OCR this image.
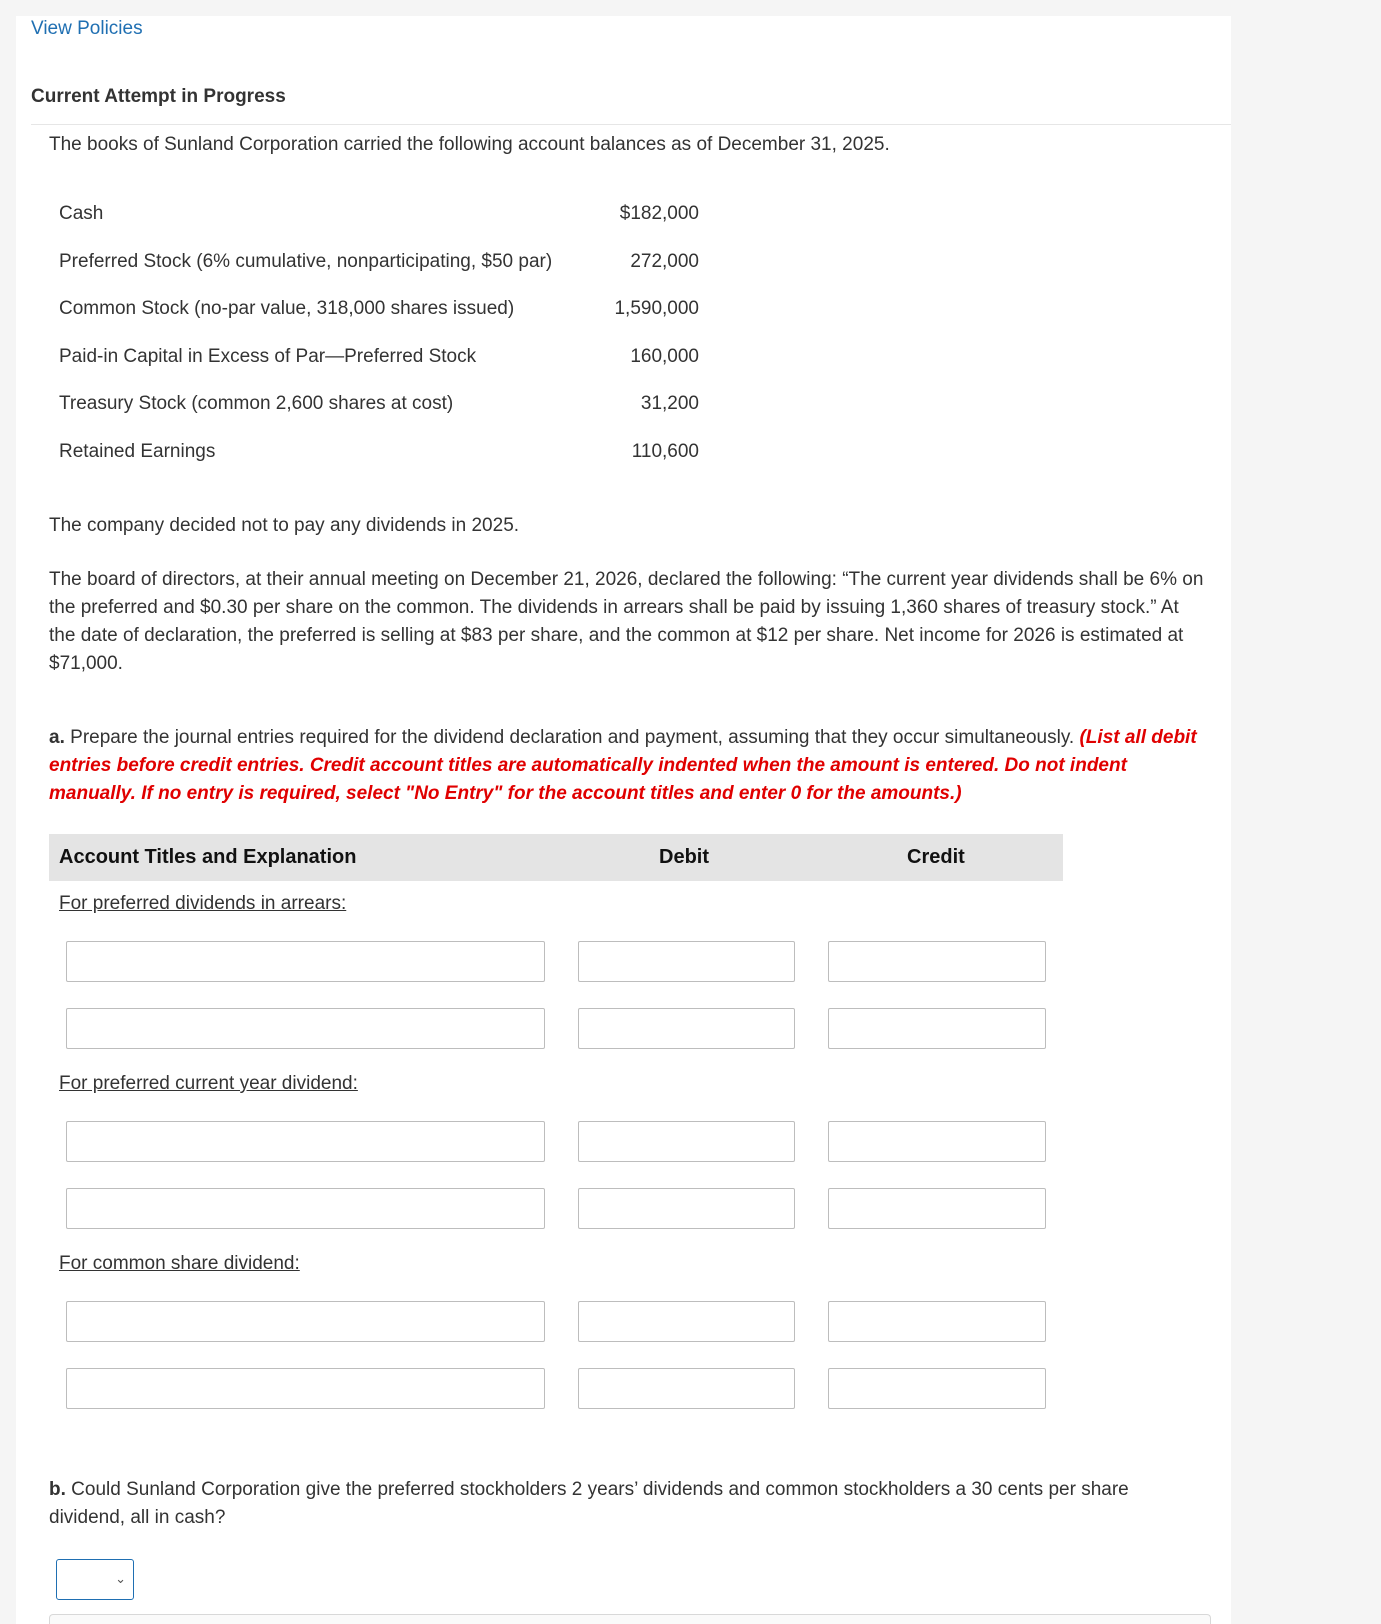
View Policies
Current Attempt in Progress
The books of Sunland Corporation carried the following account balances as of December 31, 2025.
Cash	$182,000
Preferred Stock (6% cumulative, nonparticipating, $50 par)	272,000
Common Stock (no-par value, 318,000 shares issued)	1,590,000
Paid-in Capital in Excess of Par—Preferred Stock	160,000
Treasury Stock (common 2,600 shares at cost)	31,200
Retained Earnings	110,600
The company decided not to pay any dividends in 2025.
The board of directors, at their annual meeting on December 21, 2026, declared the following: “The current year dividends shall be 6% on the preferred and $0.30 per share on the common. The dividends in arrears shall be paid by issuing 1,360 shares of treasury stock.” At the date of declaration, the preferred is selling at $83 per share, and the common at $12 per share. Net income for 2026 is estimated at $71,000.
a. Prepare the journal entries required for the dividend declaration and payment, assuming that they occur simultaneously. (List all debit entries before credit entries. Credit account titles are automatically indented when the amount is entered. Do not indent manually. If no entry is required, select "No Entry" for the account titles and enter 0 for the amounts.)
Account Titles and Explanation	Debit	Credit
For preferred dividends in arrears:
For preferred current year dividend:
For common share dividend:
b. Could Sunland Corporation give the preferred stockholders 2 years’ dividends and common stockholders a 30 cents per share dividend, all in cash?
⌄
